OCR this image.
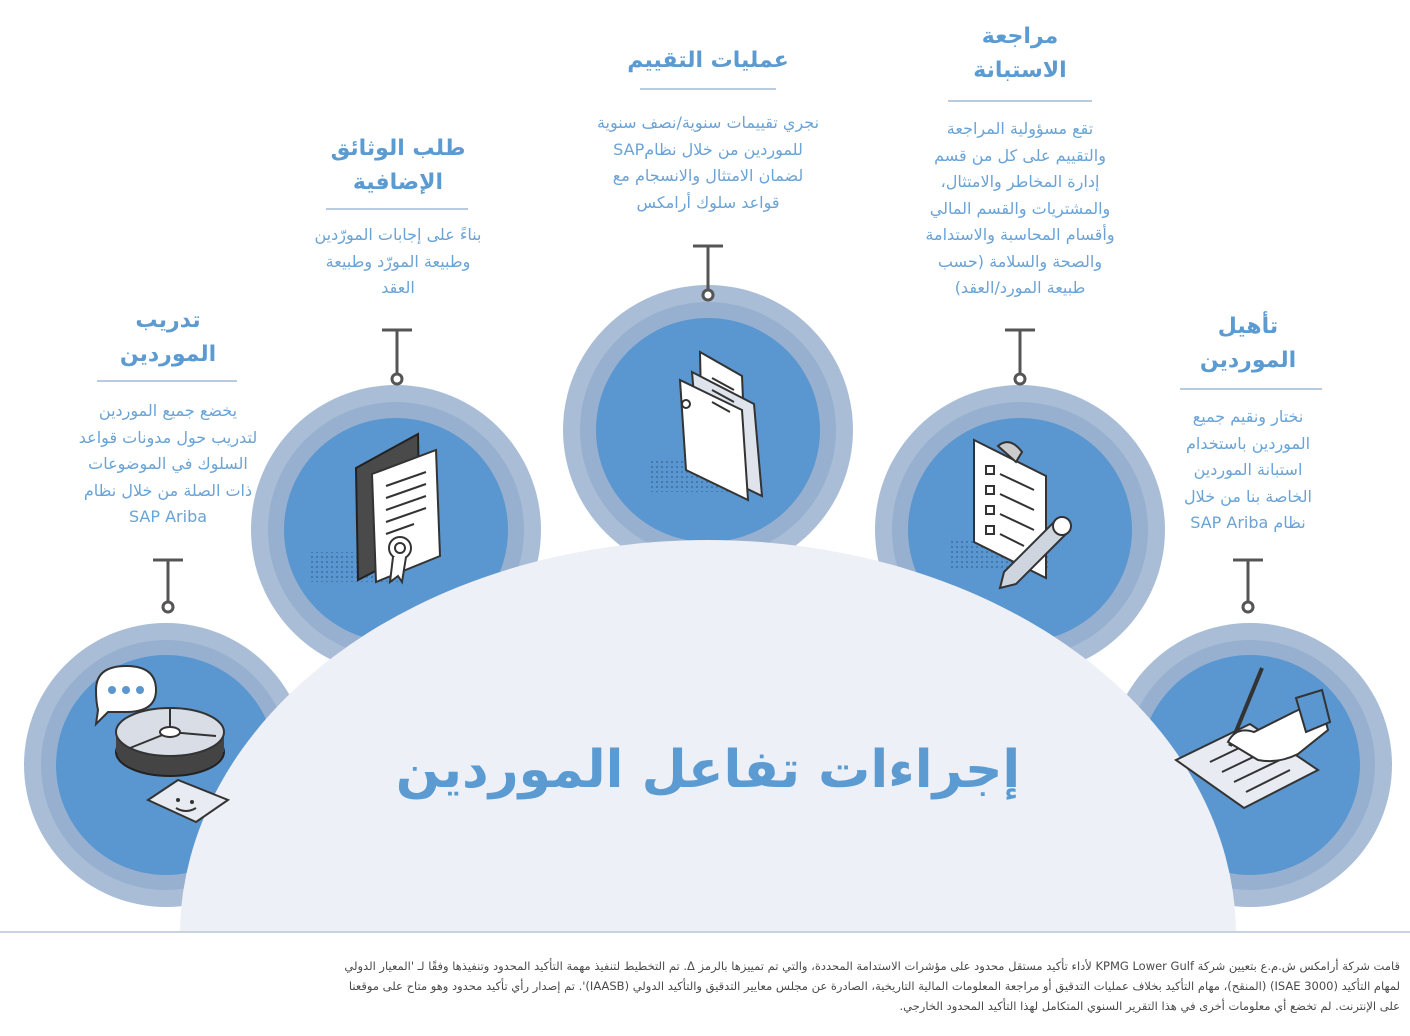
تدريب
الموردين
يخضع جميع الموردين
لتدريب حول مدونات قواعد
السلوك في الموضوعات
ذات الصلة من خلال نظام
SAP Ariba
طلب الوثائق
الإضافية
بناءً على إجابات المورّدين
وطبيعة المورّد وطبيعة
العقد
عمليات التقييم
نجري تقييمات سنوية/نصف سنوية
للموردين من خلال نظامSAP
لضمان الامتثال والانسجام مع
قواعد سلوك أرامكس
مراجعة
الاستبانة
تقع مسؤولية المراجعة
والتقييم على كل من قسم
إدارة المخاطر والامتثال،
والمشتريات والقسم المالي
وأقسام المحاسبة والاستدامة
والصحة والسلامة (حسب
طبيعة المورد/العقد)
تأهيل
الموردين
نختار ونقيم جميع
الموردين باستخدام
استبانة الموردين
الخاصة بنا من خلال
نظام SAP Ariba
إجراءات تفاعل الموردين
قامت شركة أرامكس ش.م.ع بتعيين شركة KPMG Lower Gulf لأداء تأكيد مستقل محدود على مؤشرات الاستدامة المحددة، والتي تم تمييزها بالرمز Δ. تم التخطيط لتنفيذ مهمة التأكيد المحدود وتنفيذها وفقًا لـ 'المعيار الدولي
لمهام التأكيد (3000 ISAE) (المنقح)، مهام التأكيد بخلاف عمليات التدقيق أو مراجعة المعلومات المالية التاريخية، الصادرة عن مجلس معايير التدقيق والتأكيد الدولي (IAASB)'. تم إصدار رأي تأكيد محدود وهو متاح على موقعنا
على الإنترنت. لم تخضع أي معلومات أخرى في هذا التقرير السنوي المتكامل لهذا التأكيد المحدود الخارجي.
